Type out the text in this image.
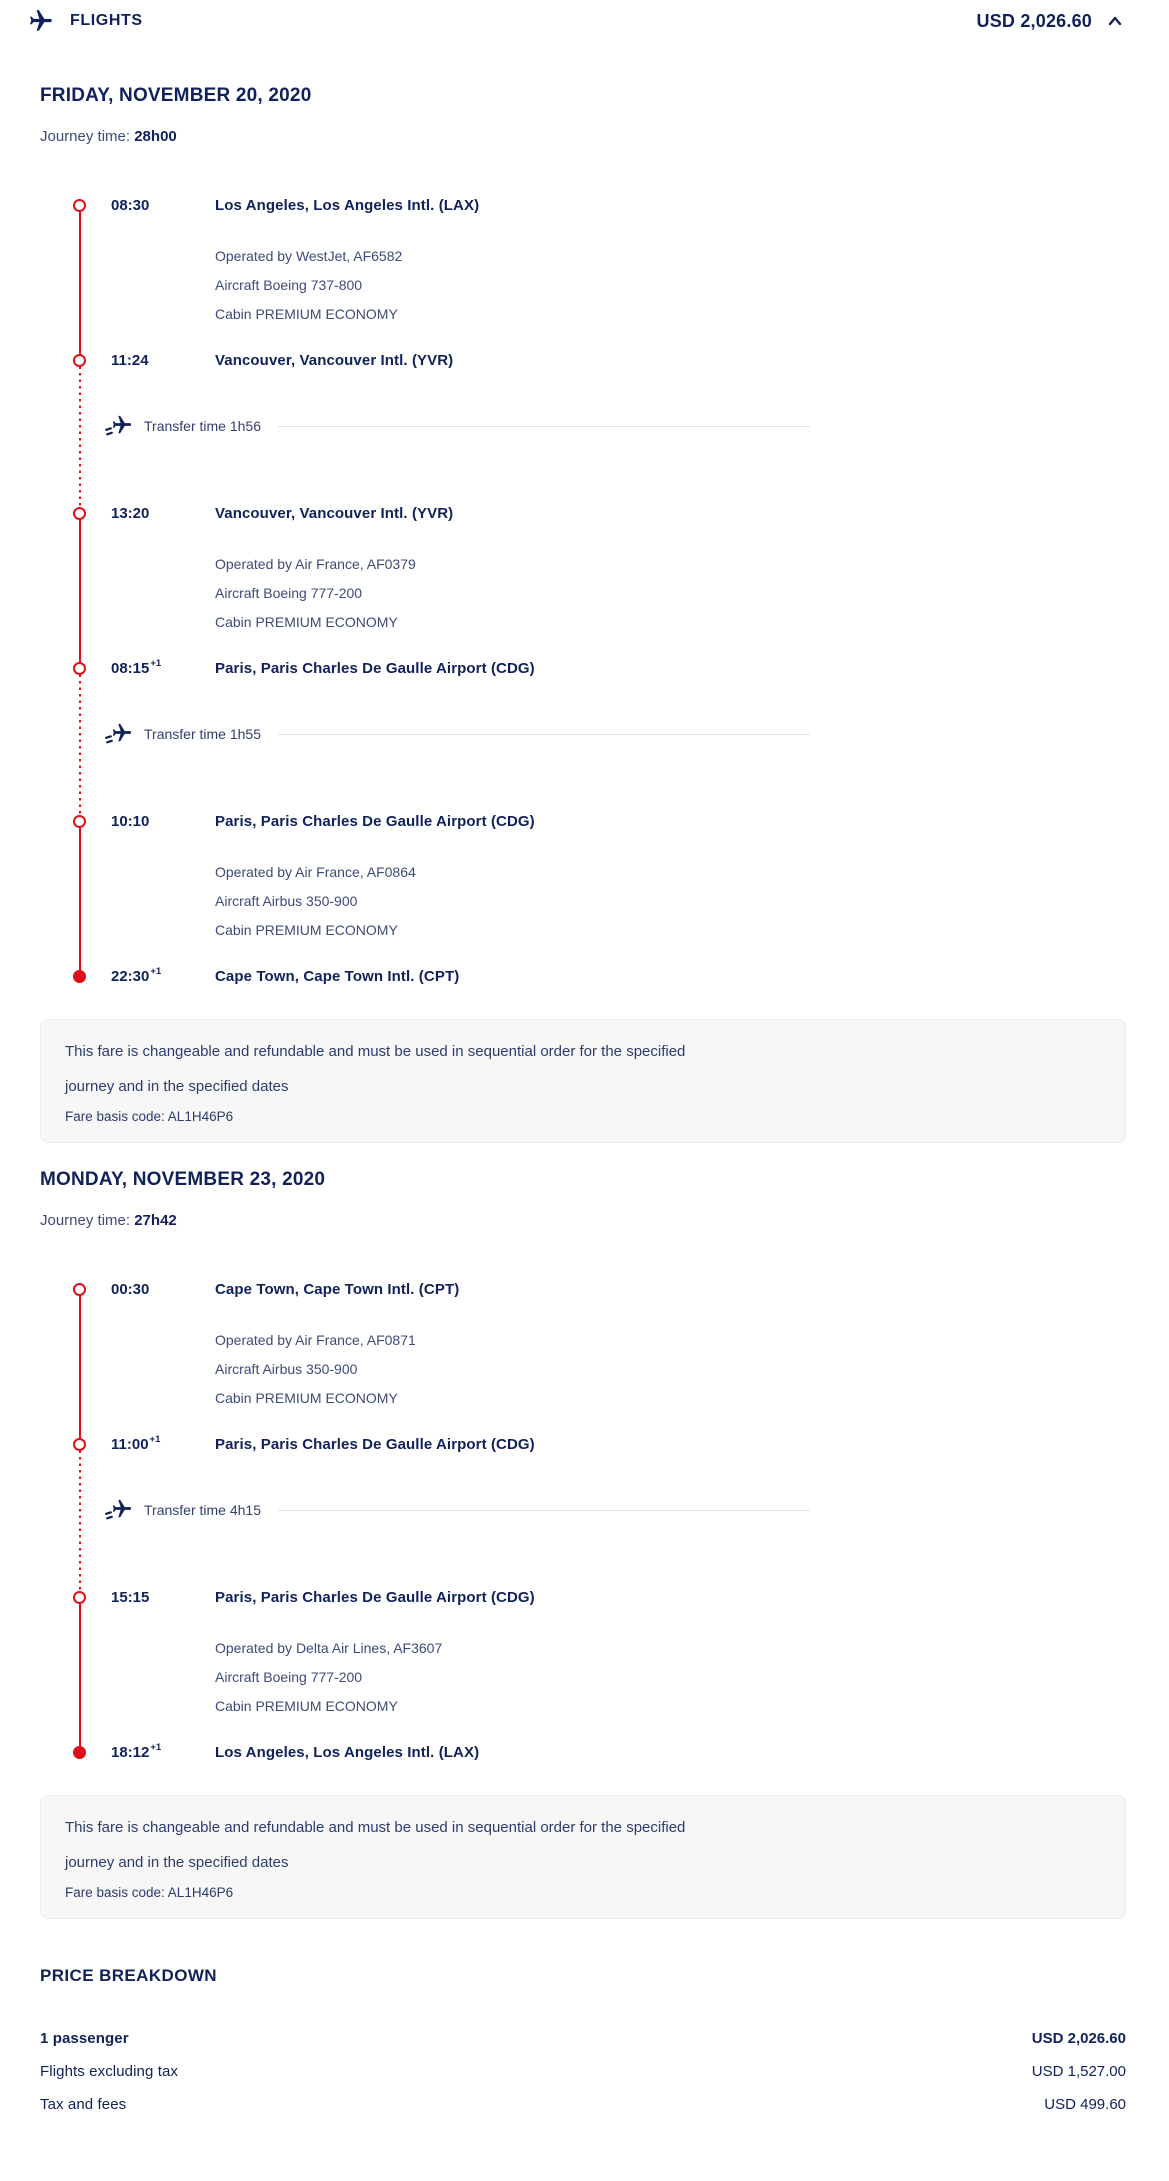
FLIGHTS	USD 2,026.60
FRIDAY, NOVEMBER 20, 2020

Journey time: 28h00

08:30	Los Angeles, Los Angeles Intl. (LAX)
Operated by WestJet, AF6582
Aircraft Boeing 737-800
Cabin PREMIUM ECONOMY
11:24	Vancouver, Vancouver Intl. (YVR)
Transfer time 1h56
13:20	Vancouver, Vancouver Intl. (YVR)
Operated by Air France, AF0379
Aircraft Boeing 777-200
Cabin PREMIUM ECONOMY
$08:15^{+1}$	Paris, Paris Charles De Gaulle Airport (CDG)
Transfer time 1h55
10:10	Paris, Paris Charles De Gaulle Airport (CDG)
Operated by Air France, AF0864
Aircraft Airbus 350-900
Cabin PREMIUM ECONOMY
$22:30^{+1}$	Cape Town, Cape Town Intl. (CPT)
This fare is changeable and refundable and must be used in sequential order for the specified
journey and in the specified dates
Fare basis code: AL1H46P6
MONDAY, NOVEMBER 23, 2020

Journey time: 27h42

00:30	Cape Town, Cape Town Intl. (CPT)
Operated by Air France, AF0871
Aircraft Airbus 350-900
Cabin PREMIUM ECONOMY
$11:00^{+1}$	Paris, Paris Charles De Gaulle Airport (CDG)
Transfer time 4h15
15:15	Paris, Paris Charles De Gaulle Airport (CDG)
Operated by Delta Air Lines, AF3607
Aircraft Boeing 777-200
Cabin PREMIUM ECONOMY
$18:12^{+1}$	Los Angeles, Los Angeles Intl. (LAX)
This fare is changeable and refundable and must be used in sequential order for the specified
journey and in the specified dates
Fare basis code: AL1H46P6
PRICE BREAKDOWN
1 passenger	USD 2,026.60
Flights excluding tax	USD 1,527.00
Tax and fees	USD 499.60
